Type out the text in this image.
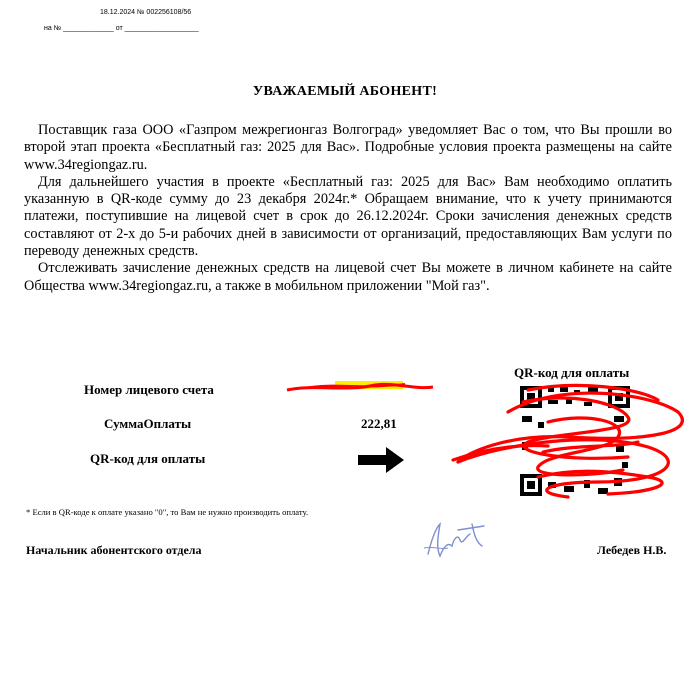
18.12.2024 № 002256108/56
на № _____________ от ___________________
УВАЖАЕМЫЙ АБОНЕНТ!

Поставщик газа ООО «Газпром межрегионгаз Волгоград» уведомляет Вас о том, что Вы прошли во второй этап проекта «Бесплатный газ: 2025 для Вас». Подробные условия проекта размещены на сайте www.34regiongaz.ru.

Для дальнейшего участия в проекте «Бесплатный газ: 2025 для Вас» Вам необходимо оплатить указанную в QR-коде сумму до 23 декабря 2024г.* Обращаем внимание, что к учету принимаются платежи, поступившие на лицевой счет в срок до 26.12.2024г. Сроки зачисления денежных средств составляют от 2-х до 5-и рабочих дней в зависимости от организаций, предоставляющих Вам услуги по переводу денежных средств.

Отслеживать зачисление денежных средств на лицевой счет Вы можете в личном кабинете на сайте Общества www.34regiongaz.ru, а также в мобильном приложении "Мой газ".

Номер лицевого счета
СуммаОплаты	222,81
QR-код для оплаты
QR-код для оплаты
* Если в QR-коде к оплате указано "0", то Вам не нужно производить оплату.
Начальник абонентского отдела	Лебедев Н.В.
